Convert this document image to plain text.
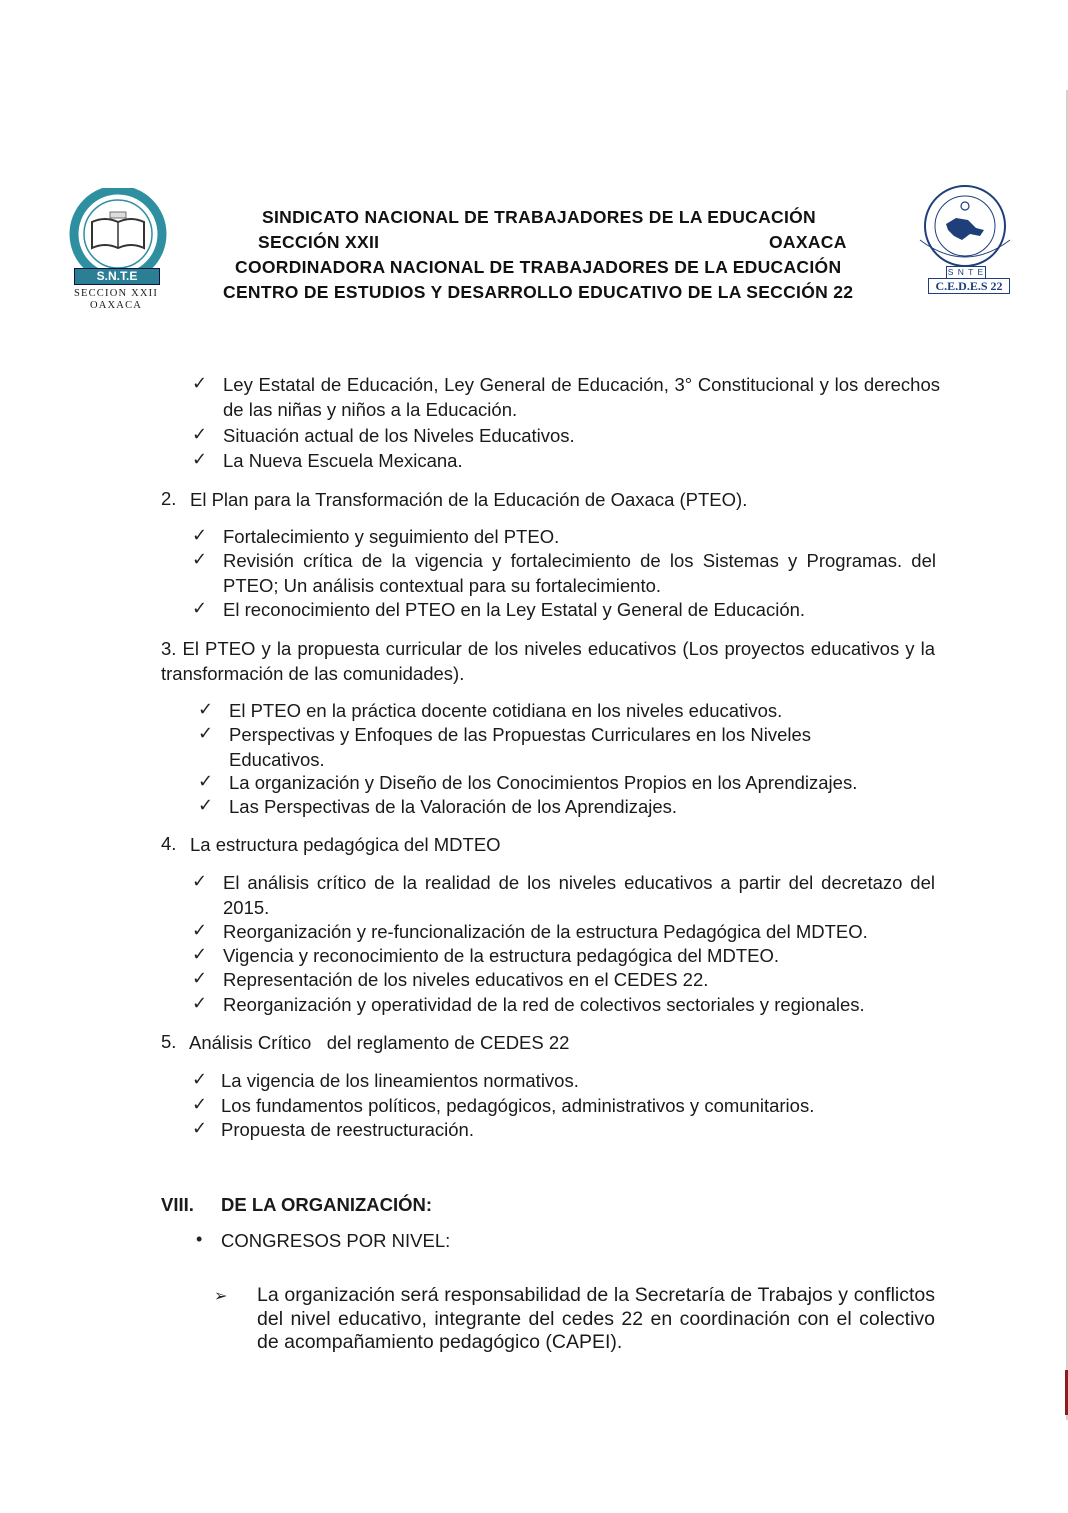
S.N.T.E
SECCION XXII
OAXACA
S N T E
C.E.D.E.S 22
SINDICATO NACIONAL DE TRABAJADORES DE LA EDUCACIÓN
SECCIÓN XXII	OAXACA
COORDINADORA NACIONAL DE TRABAJADORES DE LA EDUCACIÓN
CENTRO DE ESTUDIOS Y DESARROLLO EDUCATIVO DE LA SECCIÓN 22
✓ Ley Estatal de Educación, Ley General de Educación, 3° Constitucional y los derechos de las niñas y niños a la Educación.
✓ Situación actual de los Niveles Educativos.
✓ La Nueva Escuela Mexicana.
2. El Plan para la Transformación de la Educación de Oaxaca (PTEO).
✓ Fortalecimiento y seguimiento del PTEO.
✓ Revisión crítica de la vigencia y fortalecimiento de los Sistemas y Programas. del PTEO; Un análisis contextual para su fortalecimiento.
✓ El reconocimiento del PTEO en la Ley Estatal y General de Educación.
3. El PTEO y la propuesta curricular de los niveles educativos (Los proyectos educativos y la transformación de las comunidades).
✓ El PTEO en la práctica docente cotidiana en los niveles educativos.
✓ Perspectivas y Enfoques de las Propuestas Curriculares en los Niveles Educativos.
✓ La organización y Diseño de los Conocimientos Propios en los Aprendizajes.
✓ Las Perspectivas de la Valoración de los Aprendizajes.
4. La estructura pedagógica del MDTEO
✓ El análisis crítico de la realidad de los niveles educativos a partir del decretazo del 2015.
✓ Reorganización y re-funcionalización de la estructura Pedagógica del MDTEO.
✓ Vigencia y reconocimiento de la estructura pedagógica del MDTEO.
✓ Representación de los niveles educativos en el CEDES 22.
✓ Reorganización y operatividad de la red de colectivos sectoriales y regionales.
5. Análisis Crítico   del reglamento de CEDES 22
✓ La vigencia de los lineamientos normativos.
✓ Los fundamentos políticos, pedagógicos, administrativos y comunitarios.
✓ Propuesta de reestructuración.
VIII. DE LA ORGANIZACIÓN:
• CONGRESOS POR NIVEL:
➢ La organización será responsabilidad de la Secretaría de Trabajos y conflictos del nivel educativo, integrante del cedes 22 en coordinación con el colectivo de acompañamiento pedagógico (CAPEI).
